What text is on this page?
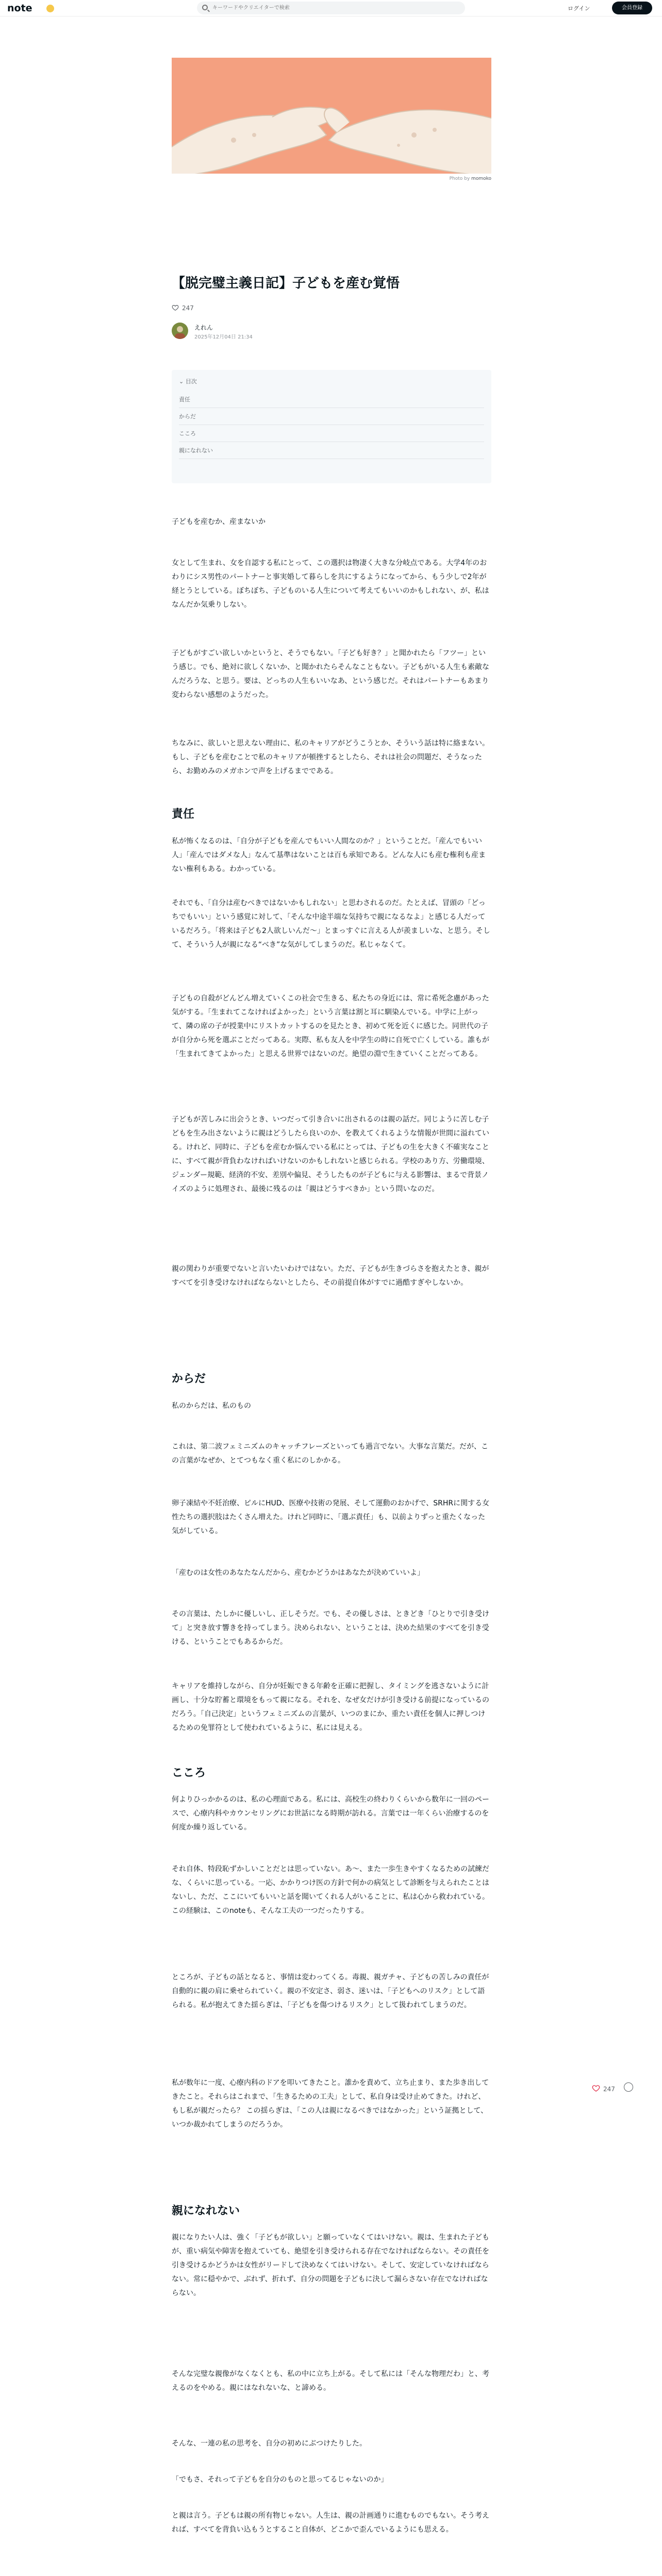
note
キーワードやクリエイターで検索	ログイン	会員登録
Photo by momoko
【脱完璧主義日記】子どもを産む覚悟
247
えれん
2025年12月04日 21:34
⌄ 目次
責任
からだ
こころ
親になれない

子どもを産むか、産まないか

女として生まれ、女を自認する私にとって、この選択は物凄く大きな分岐点である。大学4年のおわりにシス男性のパートナーと事実婚して暮らしを共にするようになってから、もう少しで2年が経とうとしている。ぼちぼち、子どものいる人生について考えてもいいのかもしれない、が、私はなんだか気乗りしない。

子どもがすごい欲しいかというと、そうでもない。「子ども好き？」と聞かれたら「フツー」という感じ。でも、絶対に欲しくないか、と聞かれたらそんなこともない。子どもがいる人生も素敵なんだろうな、と思う。要は、どっちの人生もいいなあ、という感じだ。それはパートナーもあまり変わらない感想のようだった。

ちなみに、欲しいと思えない理由に、私のキャリアがどうこうとか、そういう話は特に絡まない。もし、子どもを産むことで私のキャリアが頓挫するとしたら、それは社会の問題だ、そうなったら、お勤めみのメガホンで声を上げるまでである。

責任

私が怖くなるのは、「自分が子どもを産んでもいい人間なのか？」ということだ。「産んでもいい人」「産んではダメな人」なんて基準はないことは百も承知である。どんな人にも産む権利も産まない権利もある。わかっている。

それでも、「自分は産むべきではないかもしれない」と思わされるのだ。たとえば、冒頭の「どっちでもいい」という感覚に対して、「そんな中途半端な気持ちで親になるなよ」と感じる人だっているだろう。「将来は子ども2人欲しいんだ〜」とまっすぐに言える人が羨ましいな、と思う。そして、そういう人が親になる“べき”な気がしてしまうのだ。私じゃなくて。

子どもの自殺がどんどん増えていくこの社会で生きる、私たちの身近には、常に希死念慮があった気がする。「生まれてこなければよかった」という言葉は割と耳に馴染んでいる。中学に上がって、隣の席の子が授業中にリストカットするのを見たとき、初めて死を近くに感じた。同世代の子が自分から死を選ぶことだってある。実際、私も友人を中学生の時に自死で亡くしている。誰もが「生まれてきてよかった」と思える世界ではないのだ。絶望の淵で生きていくことだってある。

子どもが苦しみに出会うとき、いつだって引き合いに出されるのは親の話だ。同じように苦しむ子どもを生み出さないように親はどうしたら良いのか、を教えてくれるような情報が世間に溢れている。けれど、同時に、子どもを産むか悩んでいる私にとっては、子どもの生を大きく不確実なことに、すべて親が背負わなければいけないのかもしれないと感じられる。学校のあり方、労働環境、ジェンダー規範、経済的不安、差別や偏見、そうしたものが子どもに与える影響は、まるで背景ノイズのように処理され、最後に残るのは「親はどうすべきか」という問いなのだ。

親の関わりが重要でないと言いたいわけではない。ただ、子どもが生きづらさを抱えたとき、親がすべてを引き受けなければならないとしたら、その前提自体がすでに過酷すぎやしないか。

からだ

私のからだは、私のもの

これは、第二波フェミニズムのキャッチフレーズといっても過言でない。大事な言葉だ。だが、この言葉がなぜか、とてつもなく重く私にのしかかる。

卵子凍結や不妊治療、ピルにHUD、医療や技術の発展、そして運動のおかげで、SRHRに関する女性たちの選択肢はたくさん増えた。けれど同時に、「選ぶ責任」も、以前よりずっと重たくなった気がしている。

「産むのは女性のあなたなんだから、産むかどうかはあなたが決めていいよ」

その言葉は、たしかに優しいし、正しそうだ。でも、その優しさは、ときどき「ひとりで引き受けて」と突き放す響きを持ってしまう。決められない、ということは、決めた結果のすべてを引き受ける、ということでもあるからだ。

キャリアを維持しながら、自分が妊娠できる年齢を正確に把握し、タイミングを逃さないように計画し、十分な貯蓄と環境をもって親になる。それを、なぜ女だけが引き受ける前提になっているのだろう。「自己決定」というフェミニズムの言葉が、いつのまにか、重たい責任を個人に押しつけるための免罪符として使われているように、私には見える。

こころ

何よりひっかかるのは、私の心理面である。私には、高校生の終わりくらいから数年に一回のペースで、心療内科やカウンセリングにお世話になる時期が訪れる。言葉では一年くらい治療するのを何度か繰り返している。

それ自体、特段恥ずかしいことだとは思っていない。あ〜、また一歩生きやすくなるための試練だな、くらいに思っている。一応、かかりつけ医の方針で何かの病気として診断を与えられたことはないし、ただ、ここにいてもいいと話を聞いてくれる人がいることに、私は心から救われている。この経験は、このnoteも、そんな工夫の一つだったりする。

ところが、子どもの話となると、事情は変わってくる。毒親、親ガチャ、子どもの苦しみの責任が自動的に親の肩に乗せられていく。親の不安定さ、弱さ、迷いは、「子どもへのリスク」として語られる。私が抱えてきた揺らぎは、「子どもを傷つけるリスク」として扱われてしまうのだ。

私が数年に一度、心療内科のドアを叩いてきたこと。誰かを責めて、立ち止まり、また歩き出してきたこと。それらはこれまで、「生きるための工夫」として、私自身は受け止めてきた。けれど、もし私が親だったら？ この揺らぎは、「この人は親になるべきではなかった」という証拠として、いつか裁かれてしまうのだろうか。

親になれない

親になりたい人は、強く「子どもが欲しい」と願っていなくてはいけない。親は、生まれた子どもが、重い病気や障害を抱えていても、絶望を引き受けられる存在でなければならない。その責任を引き受けるかどうかは女性がリードして決めなくてはいけない。そして、安定していなければならない。常に穏やかで、ぶれず、折れず、自分の問題を子どもに決して漏らさない存在でなければならない。

そんな完璧な親像がなくなくとも、私の中に立ち上がる。そして私には「そんな物理だわ」と、考えるのをやめる。親にはなれないな、と諦める。

そんな、一連の私の思考を、自分の初めにぶつけたりした。

「でもさ、それって子どもを自分のものと思ってるじゃないのか」

と親は言う。子どもは親の所有物じゃない。人生は、親の計画通りに進むものでもない。そう考えれば、すべてを背負い込もうとすること自体が、どこかで歪んでいるようにも思える。

247
